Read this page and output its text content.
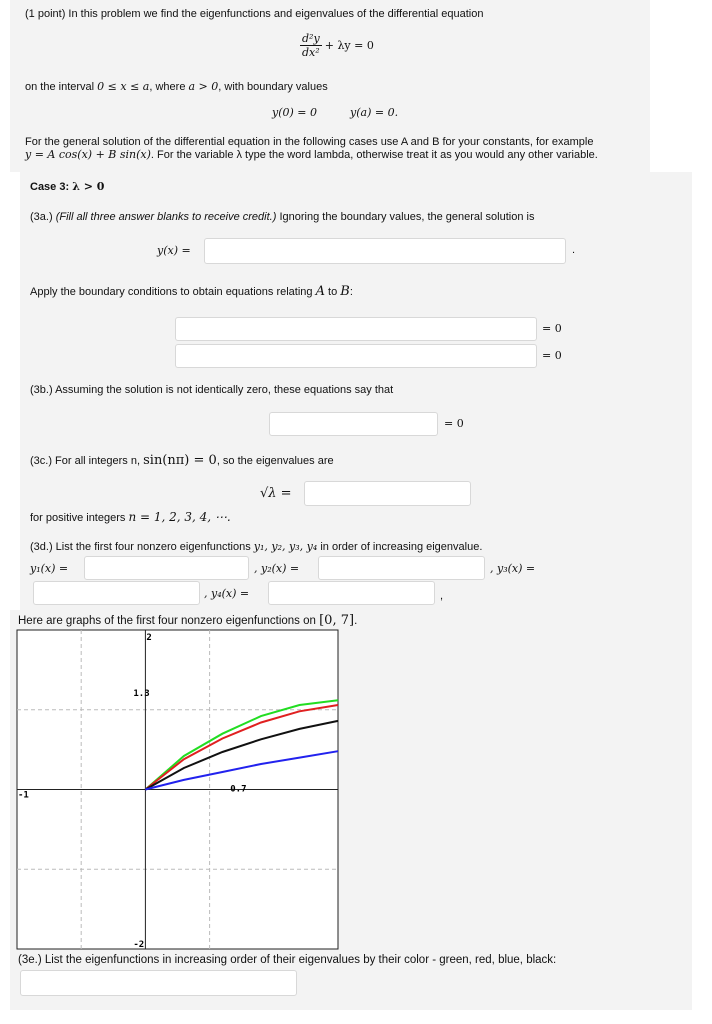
(1 point) In this problem we find the eigenfunctions and eigenvalues of the differential equation
$\frac{\text{d²y}}{\text{dx²}} + \lambda y = 0$
on the interval 0 ≤ x ≤ a, where a > 0, with boundary values
y(0) = 0	y(a) = 0.
For the general solution of the differential equation in the following cases use A and B for your constants, for example
y = A cos(x) + B sin(x). For the variable λ type the word lambda, otherwise treat it as you would any other variable.
Case 3: λ > 0
(3a.) (Fill all three answer blanks to receive credit.) Ignoring the boundary values, the general solution is
y(x) =	.
Apply the boundary conditions to obtain equations relating A to B:
= 0
= 0
(3b.) Assuming the solution is not identically zero, these equations say that
= 0
(3c.) For all integers n, sin(nπ) = 0, so the eigenvalues are
√λ =
for positive integers n = 1, 2, 3, 4, ⋯.
(3d.) List the first four nonzero eigenfunctions y₁, y₂, y₃, y₄ in order of increasing eigenvalue.
y₁(x) =	, y₂(x) =	, y₃(x) =
, y₄(x) =	,
Here are graphs of the first four nonzero eigenfunctions on [0, 7].
2
-2
-1
1.3
0.7
(3e.) List the eigenfunctions in increasing order of their eigenvalues by their color - green, red, blue, black:
